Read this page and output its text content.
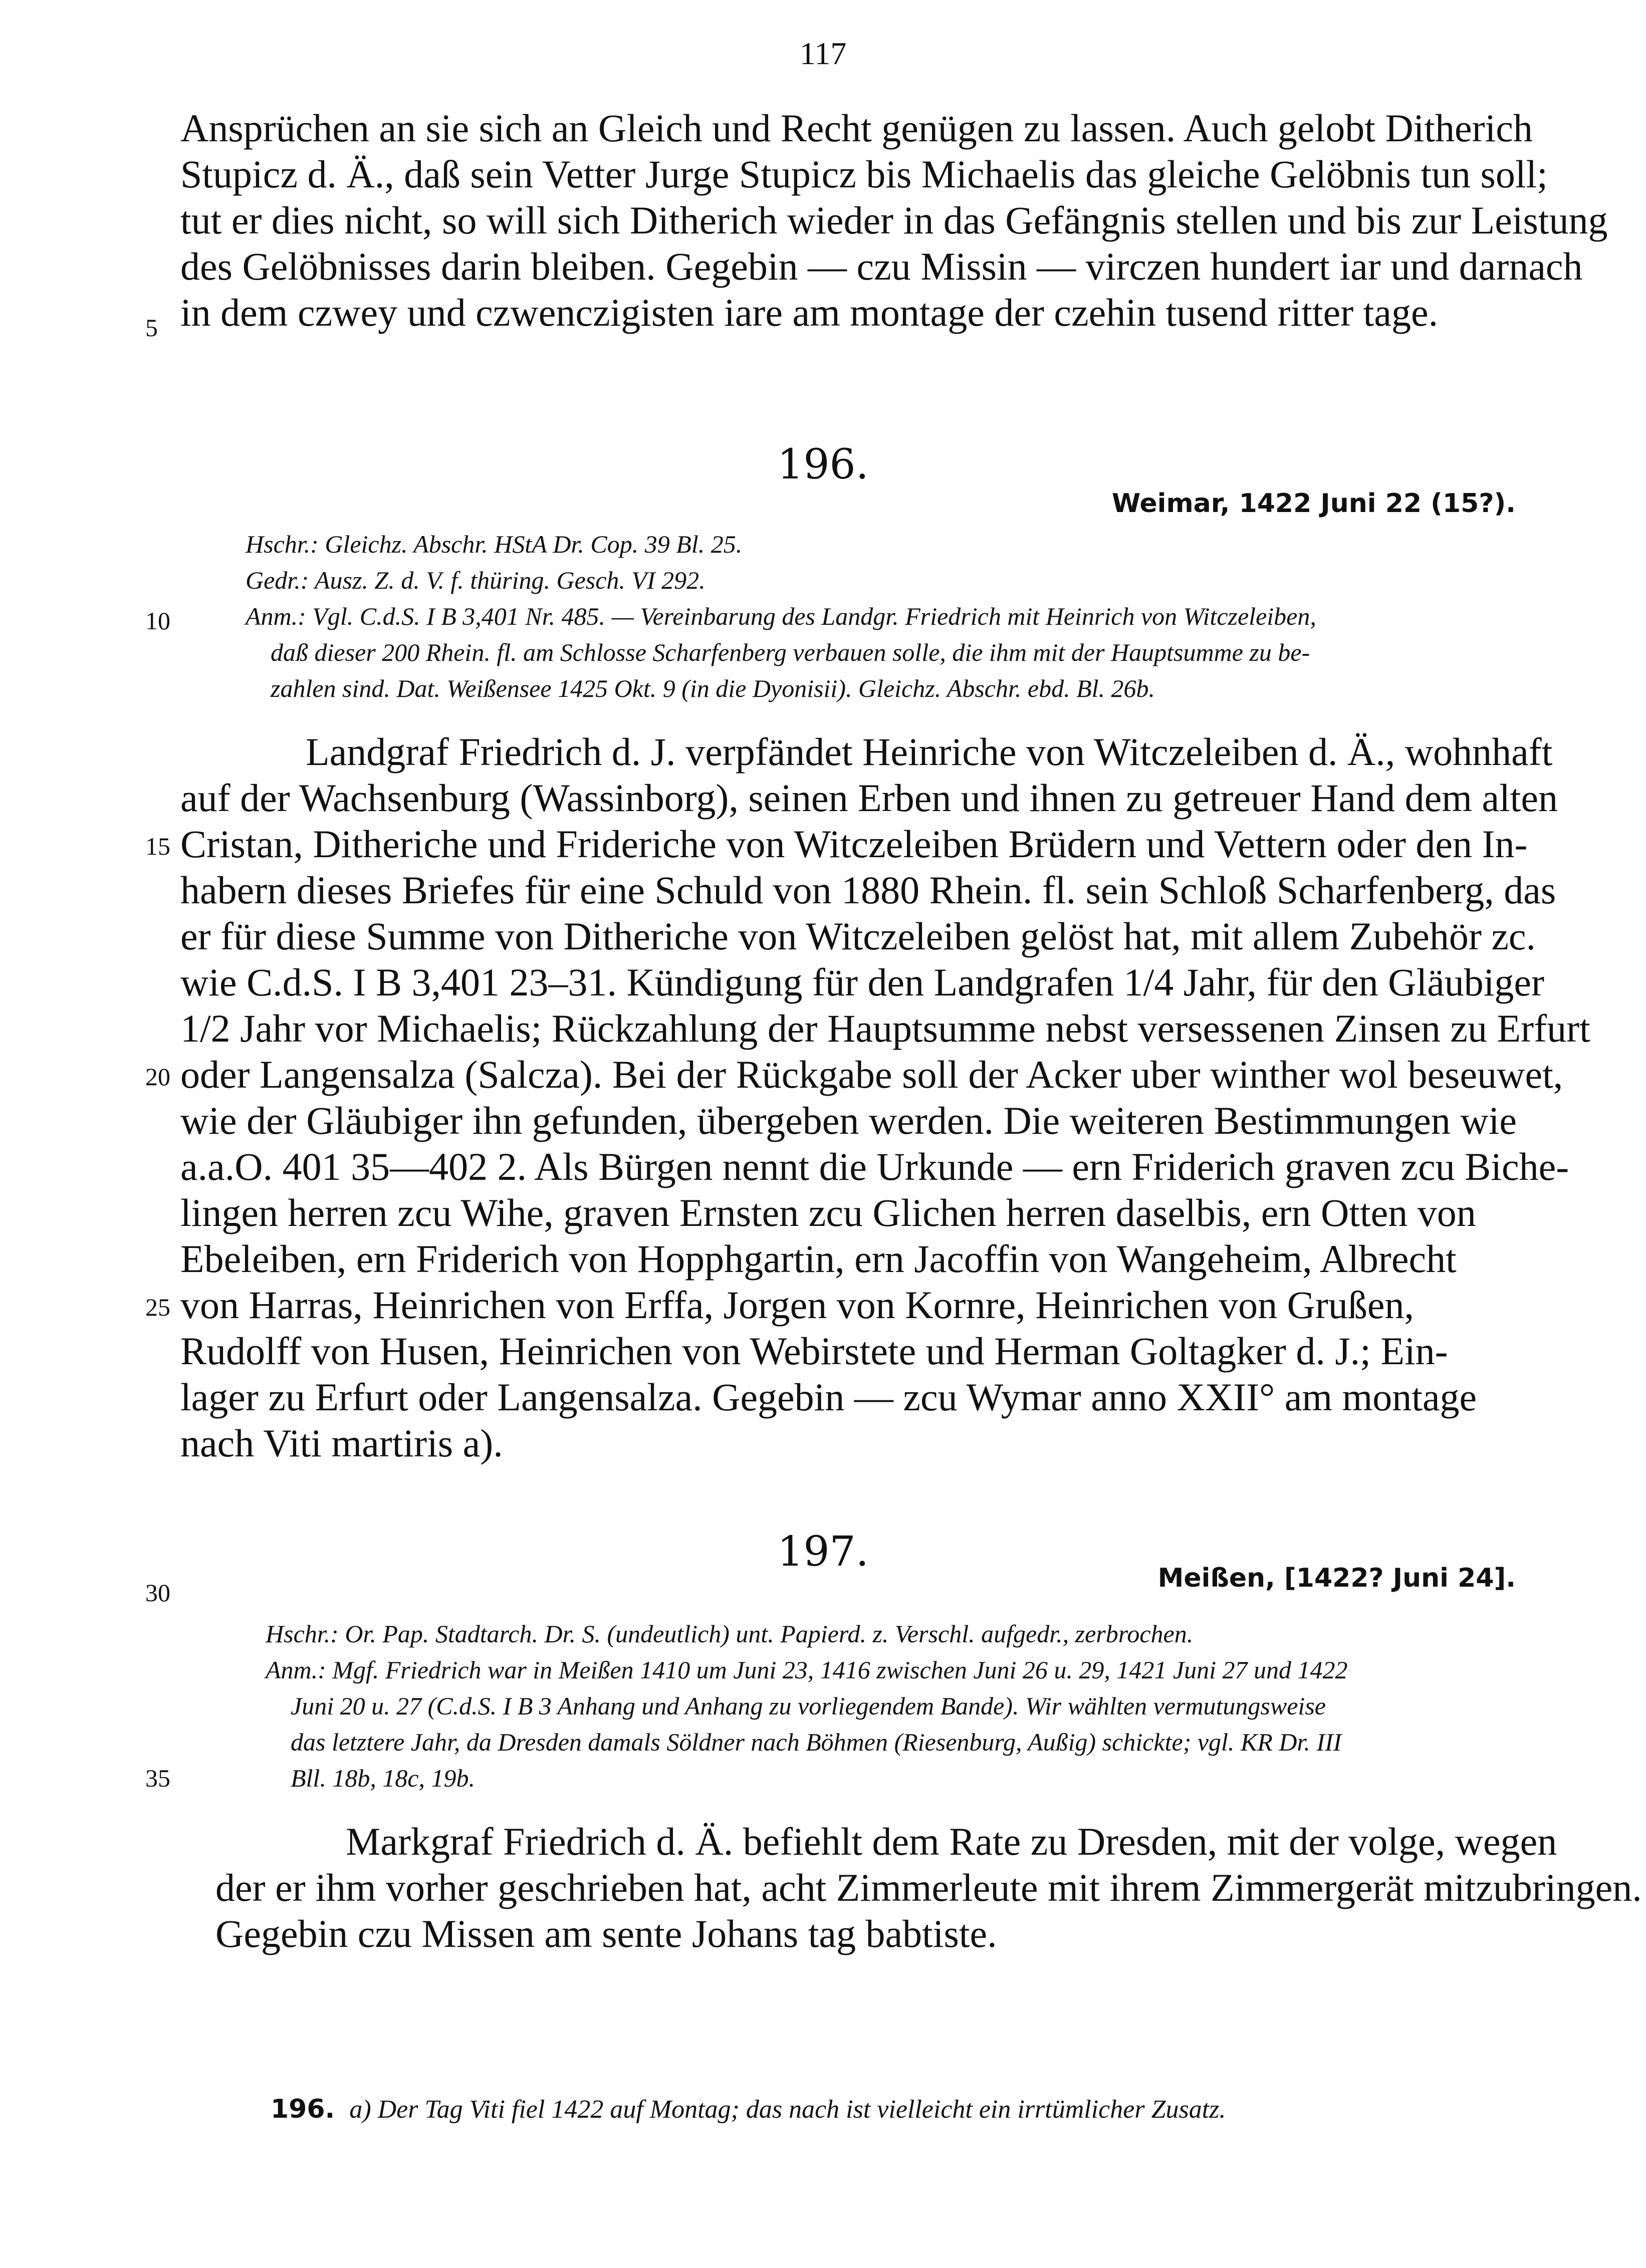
117
Ansprüchen an sie sich an Gleich und Recht genügen zu lassen. Auch gelobt Ditherich
Stupicz d. Ä., daß sein Vetter Jurge Stupicz bis Michaelis das gleiche Gelöbnis tun soll;
tut er dies nicht, so will sich Ditherich wieder in das Gefängnis stellen und bis zur Leistung
des Gelöbnisses darin bleiben. Gegebin — czu Missin — virczen hundert iar und darnach
in dem czwey und czwenczigisten iare am montage der czehin tusend ritter tage.
5
10
15
20
25
30
35
196.
Weimar, 1422 Juni 22 (15?).
Hschr.: Gleichz. Abschr. HStA Dr. Cop. 39 Bl. 25.
Gedr.: Ausz. Z. d. V. f. thüring. Gesch. VI 292.
Anm.: Vgl. C.d.S. I B 3,401 Nr. 485. — Vereinbarung des Landgr. Friedrich mit Heinrich von Witczeleiben,
daß dieser 200 Rhein. fl. am Schlosse Scharfenberg verbauen solle, die ihm mit der Hauptsumme zu be-
zahlen sind. Dat. Weißensee 1425 Okt. 9 (in die Dyonisii). Gleichz. Abschr. ebd. Bl. 26b.
Landgraf Friedrich d. J. verpfändet Heinriche von Witczeleiben d. Ä., wohnhaft
auf der Wachsenburg (Wassinborg), seinen Erben und ihnen zu getreuer Hand dem alten
Cristan, Ditheriche und Frideriche von Witczeleiben Brüdern und Vettern oder den In-
habern dieses Briefes für eine Schuld von 1880 Rhein. fl. sein Schloß Scharfenberg, das
er für diese Summe von Ditheriche von Witczeleiben gelöst hat, mit allem Zubehör zc.
wie C.d.S. I B 3,401 23–31. Kündigung für den Landgrafen 1/4 Jahr, für den Gläubiger
1/2 Jahr vor Michaelis; Rückzahlung der Hauptsumme nebst versessenen Zinsen zu Erfurt
oder Langensalza (Salcza). Bei der Rückgabe soll der Acker uber winther wol beseuwet,
wie der Gläubiger ihn gefunden, übergeben werden. Die weiteren Bestimmungen wie
a.a.O. 401 35—402 2. Als Bürgen nennt die Urkunde — ern Friderich graven zcu Biche-
lingen herren zcu Wihe, graven Ernsten zcu Glichen herren daselbis, ern Otten von
Ebeleiben, ern Friderich von Hopphgartin, ern Jacoffin von Wangeheim, Albrecht
von Harras, Heinrichen von Erffa, Jorgen von Kornre, Heinrichen von Grußen,
Rudolff von Husen, Heinrichen von Webirstete und Herman Goltagker d. J.; Ein-
lager zu Erfurt oder Langensalza. Gegebin — zcu Wymar anno XXII° am montage
nach Viti martiris a).
197.
Meißen, [1422? Juni 24].
Hschr.: Or. Pap. Stadtarch. Dr. S. (undeutlich) unt. Papierd. z. Verschl. aufgedr., zerbrochen.
Anm.: Mgf. Friedrich war in Meißen 1410 um Juni 23, 1416 zwischen Juni 26 u. 29, 1421 Juni 27 und 1422
Juni 20 u. 27 (C.d.S. I B 3 Anhang und Anhang zu vorliegendem Bande). Wir wählten vermutungsweise
das letztere Jahr, da Dresden damals Söldner nach Böhmen (Riesenburg, Außig) schickte; vgl. KR Dr. III
Bll. 18b, 18c, 19b.
Markgraf Friedrich d. Ä. befiehlt dem Rate zu Dresden, mit der volge, wegen
der er ihm vorher geschrieben hat, acht Zimmerleute mit ihrem Zimmergerät mitzubringen.
Gegebin czu Missen am sente Johans tag babtiste.
196. a) Der Tag Viti fiel 1422 auf Montag; das nach ist vielleicht ein irrtümlicher Zusatz.
